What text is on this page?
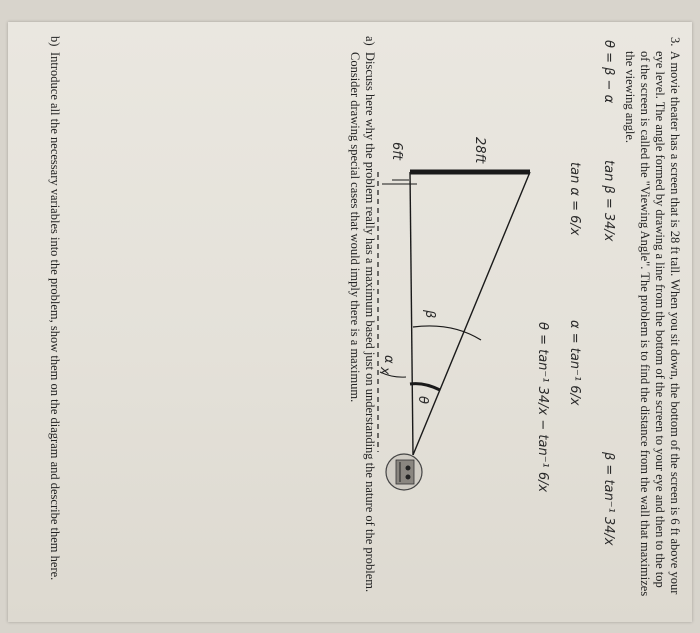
3.
A movie theater has a screen that is 28 ft tall. When you sit down, the bottom of the screen is 6 ft above your eye level. The angle formed by drawing a line from the bottom of the screen to your eye and then to the top of the screen is called the "Viewing Angle". The problem is to find the distance from the wall that maximizes the viewing angle.
θ = β − α
tan β = 34/x
β = tan⁻¹ 34/x
tan α = 6/x
α = tan⁻¹ 6/x
θ = tan⁻¹ 34/x − tan⁻¹ 6/x
28ft
6ft
θ
β
α
x
a)
Discuss here why the problem really has a maximum based just on understanding the nature of the problem. Consider drawing special cases that would imply there is a maximum.
b)
Introduce all the necessary variables into the problem, show them on the diagram and describe them here.
